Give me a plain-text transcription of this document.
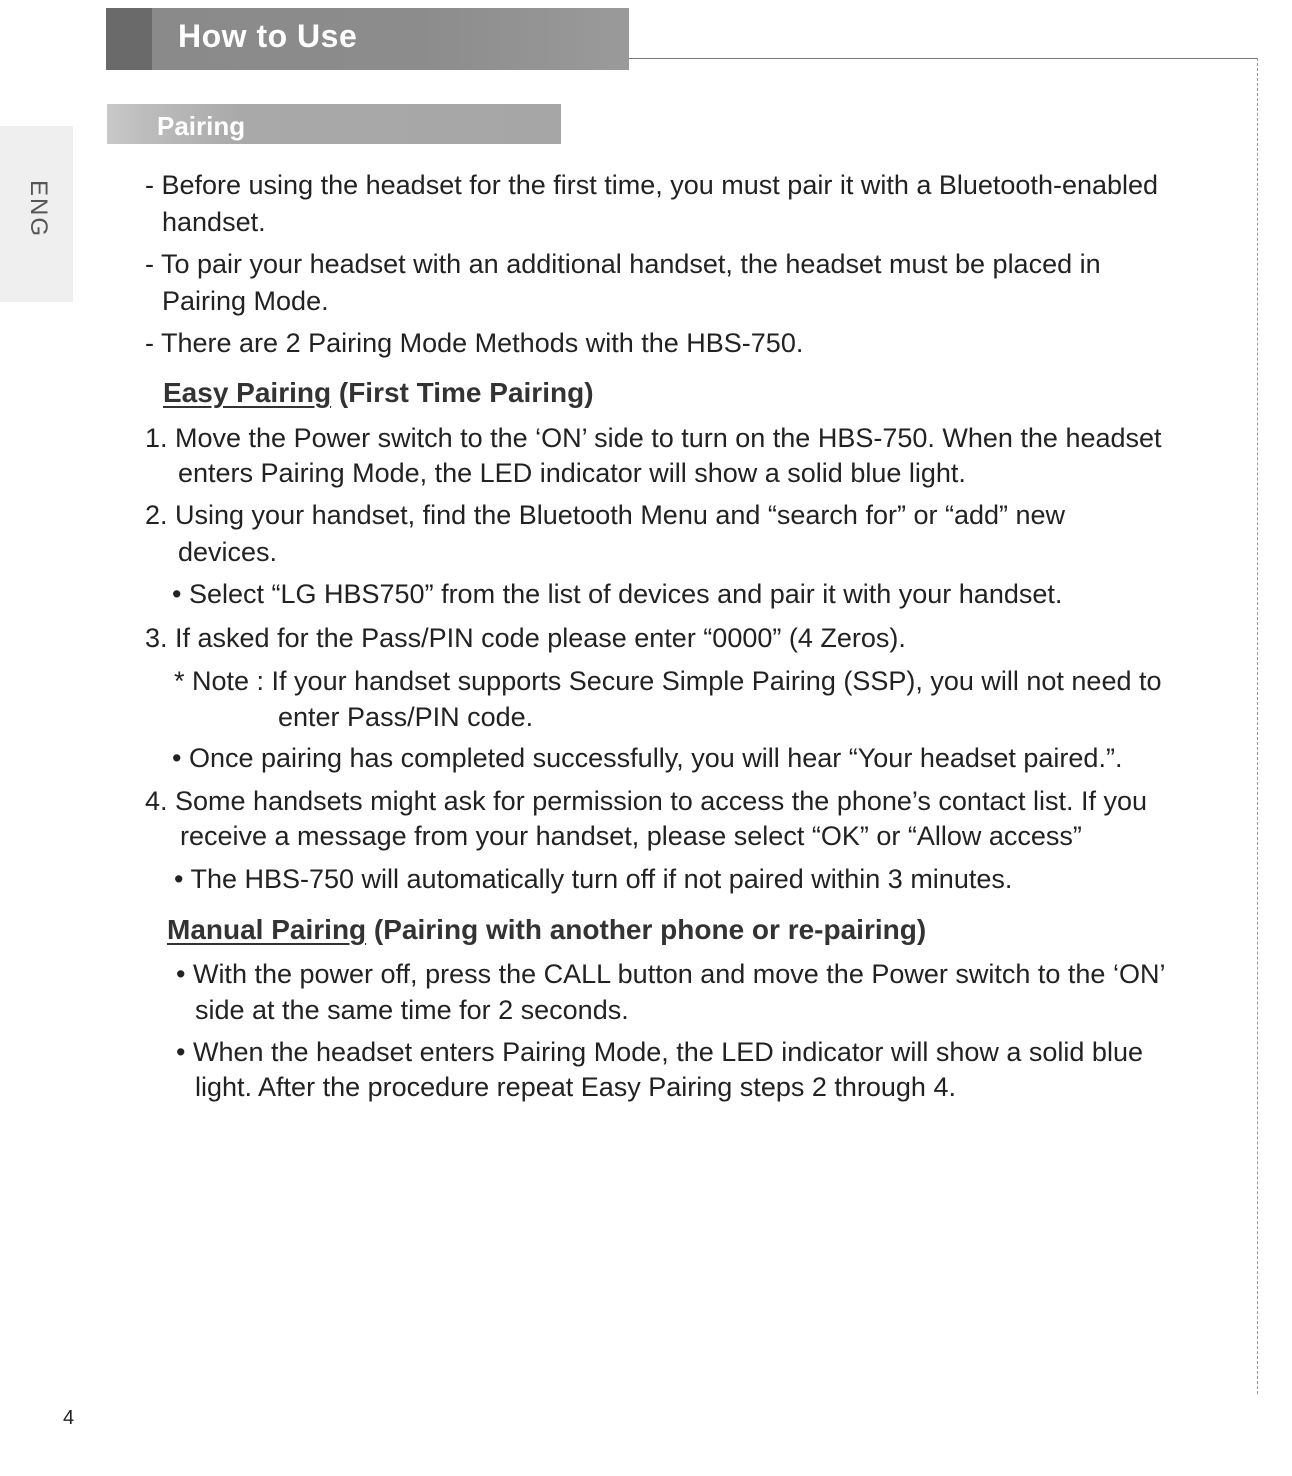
How to Use
Pairing
ENG	- Before using the headset for the first time, you must pair it with a Bluetooth-enabled
handset.
- To pair your headset with an additional handset, the headset must be placed in
Pairing Mode.
- There are 2 Pairing Mode Methods with the HBS-750.
Easy Pairing (First Time Pairing)
1. Move the Power switch to the ‘ON’ side to turn on the HBS-750. When the headset
enters Pairing Mode, the LED indicator will show a solid blue light.
2. Using your handset, find the Bluetooth Menu and “search for” or “add” new
devices.
• Select “LG HBS750” from the list of devices and pair it with your handset.
3. If asked for the Pass/PIN code please enter “0000” (4 Zeros).
* Note : If your handset supports Secure Simple Pairing (SSP), you will not need to
enter Pass/PIN code.
• Once pairing has completed successfully, you will hear “Your headset paired.”.
4. Some handsets might ask for permission to access the phone’s contact list. If you
receive a message from your handset, please select “OK” or “Allow access”
• The HBS-750 will automatically turn off if not paired within 3 minutes.
Manual Pairing (Pairing with another phone or re-pairing)
• With the power off, press the CALL button and move the Power switch to the ‘ON’
side at the same time for 2 seconds.
• When the headset enters Pairing Mode, the LED indicator will show a solid blue
light. After the procedure repeat Easy Pairing steps 2 through 4.
4
